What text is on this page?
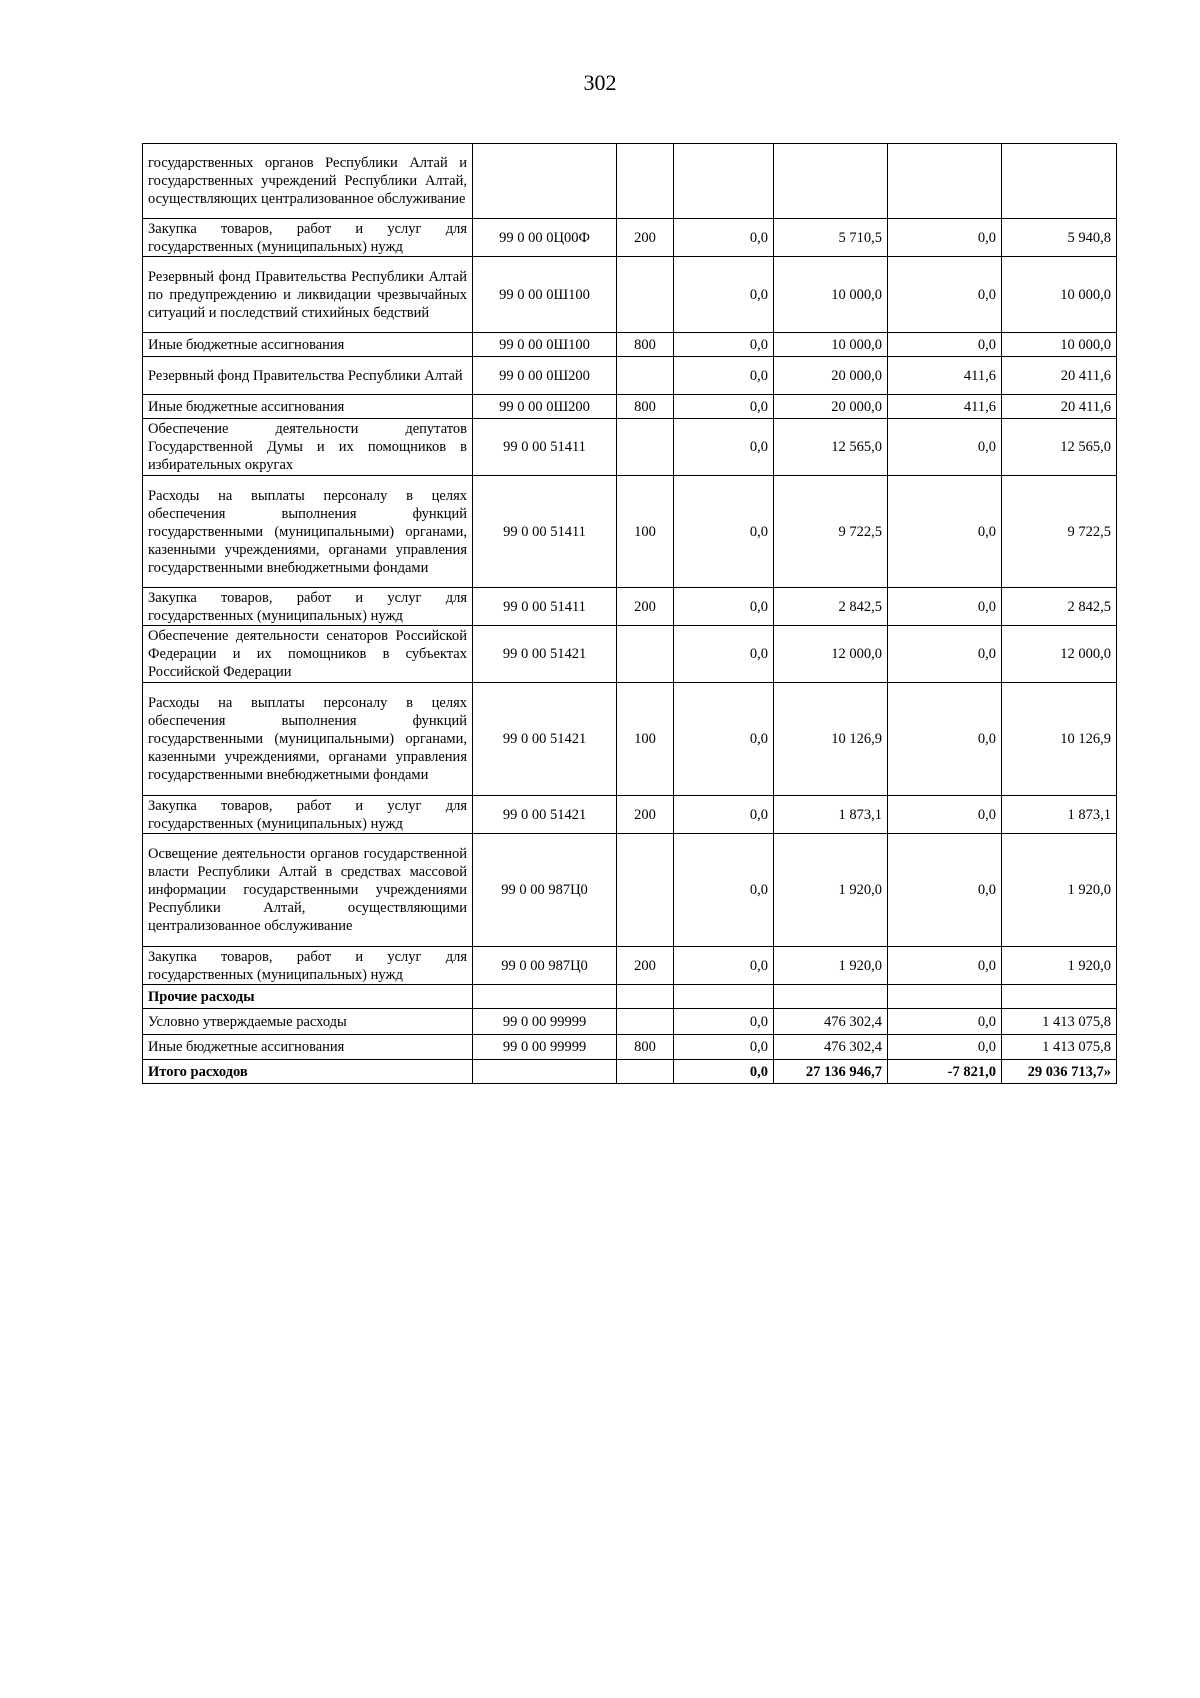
302
государственных органов Республики Алтай и государственных учреждений Республики Алтай, осуществляющих централизованное обслуживание						
Закупка товаров, работ и услуг для государственных (муниципальных) нужд	99 0 00 0Ц00Ф	200	0,0	5 710,5	0,0	5 940,8
Резервный фонд Правительства Республики Алтай по предупреждению и ликвидации чрезвычайных ситуаций и последствий стихийных бедствий	99 0 00 0Ш100		0,0	10 000,0	0,0	10 000,0
Иные бюджетные ассигнования	99 0 00 0Ш100	800	0,0	10 000,0	0,0	10 000,0
Резервный фонд Правительства Республики Алтай	99 0 00 0Ш200		0,0	20 000,0	411,6	20 411,6
Иные бюджетные ассигнования	99 0 00 0Ш200	800	0,0	20 000,0	411,6	20 411,6
Обеспечение деятельности депутатов Государственной Думы и их помощников в избирательных округах	99 0 00 51411		0,0	12 565,0	0,0	12 565,0
Расходы на выплаты персоналу в целях обеспечения выполнения функций государственными (муниципальными) органами, казенными учреждениями, органами управления государственными внебюджетными фондами	99 0 00 51411	100	0,0	9 722,5	0,0	9 722,5
Закупка товаров, работ и услуг для государственных (муниципальных) нужд	99 0 00 51411	200	0,0	2 842,5	0,0	2 842,5
Обеспечение деятельности сенаторов Российской Федерации и их помощников в субъектах Российской Федерации	99 0 00 51421		0,0	12 000,0	0,0	12 000,0
Расходы на выплаты персоналу в целях обеспечения выполнения функций государственными (муниципальными) органами, казенными учреждениями, органами управления государственными внебюджетными фондами	99 0 00 51421	100	0,0	10 126,9	0,0	10 126,9
Закупка товаров, работ и услуг для государственных (муниципальных) нужд	99 0 00 51421	200	0,0	1 873,1	0,0	1 873,1
Освещение деятельности органов государственной власти Республики Алтай в средствах массовой информации государственными учреждениями Республики Алтай, осуществляющими централизованное обслуживание	99 0 00 987Ц0		0,0	1 920,0	0,0	1 920,0
Закупка товаров, работ и услуг для государственных (муниципальных) нужд	99 0 00 987Ц0	200	0,0	1 920,0	0,0	1 920,0
Прочие расходы						
Условно утверждаемые расходы	99 0 00 99999		0,0	476 302,4	0,0	1 413 075,8
Иные бюджетные ассигнования	99 0 00 99999	800	0,0	476 302,4	0,0	1 413 075,8
Итого расходов			0,0	27 136 946,7	-7 821,0	29 036 713,7»
